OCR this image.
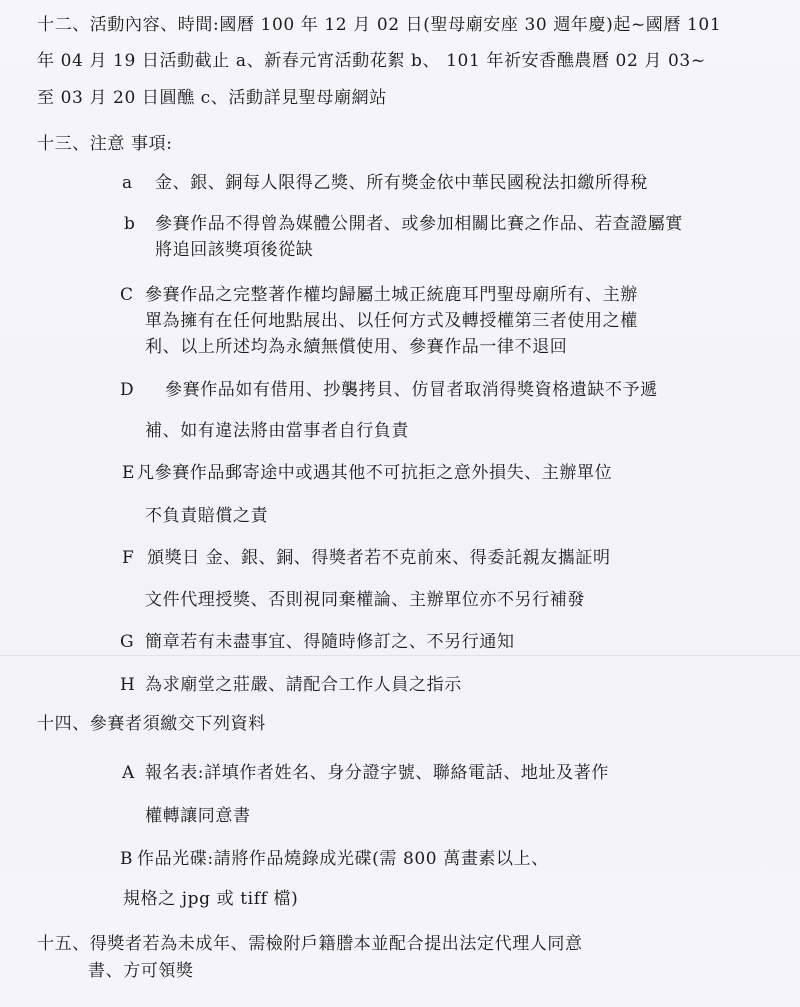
十二、活動內容、時間:國曆 100 年 12 月 02 日(聖母廟安座 30 週年慶)起~國曆 101
年 04 月 19 日活動截止 a、新春元宵活動花絮 b、 101 年祈安香醮農曆 02 月 03~
至 03 月 20 日圓醮 c、活動詳見聖母廟網站
十三、注意 事項:
a 金、銀、銅每人限得乙獎、所有獎金依中華民國稅法扣繳所得稅
b 參賽作品不得曾為媒體公開者、或參加相關比賽之作品、若查證屬實
將追回該獎項後從缺
C 參賽作品之完整著作權均歸屬土城正統鹿耳門聖母廟所有、主辦
單為擁有在任何地點展出、以任何方式及轉授權第三者使用之權
利、以上所述均為永續無償使用、參賽作品一律不退回
D 參賽作品如有借用、抄襲拷貝、仿冒者取消得獎資格遺缺不予遞
補、如有違法將由當事者自行負責
E 凡參賽作品郵寄途中或遇其他不可抗拒之意外損失、主辦單位
不負責賠償之責
F 頒獎日 金、銀、銅、得獎者若不克前來、得委託親友攜証明
文件代理授獎、否則視同棄權論、主辦單位亦不另行補發
G 簡章若有未盡事宜、得隨時修訂之、不另行通知
H 為求廟堂之莊嚴、請配合工作人員之指示
十四、參賽者須繳交下列資料
A 報名表:詳填作者姓名、身分證字號、聯絡電話、地址及著作
權轉讓同意書
B 作品光碟:請將作品燒錄成光碟(需 800 萬畫素以上、
規格之 jpg 或 tiff 檔)
十五、得獎者若為未成年、需檢附戶籍謄本並配合提出法定代理人同意
書、方可領獎
